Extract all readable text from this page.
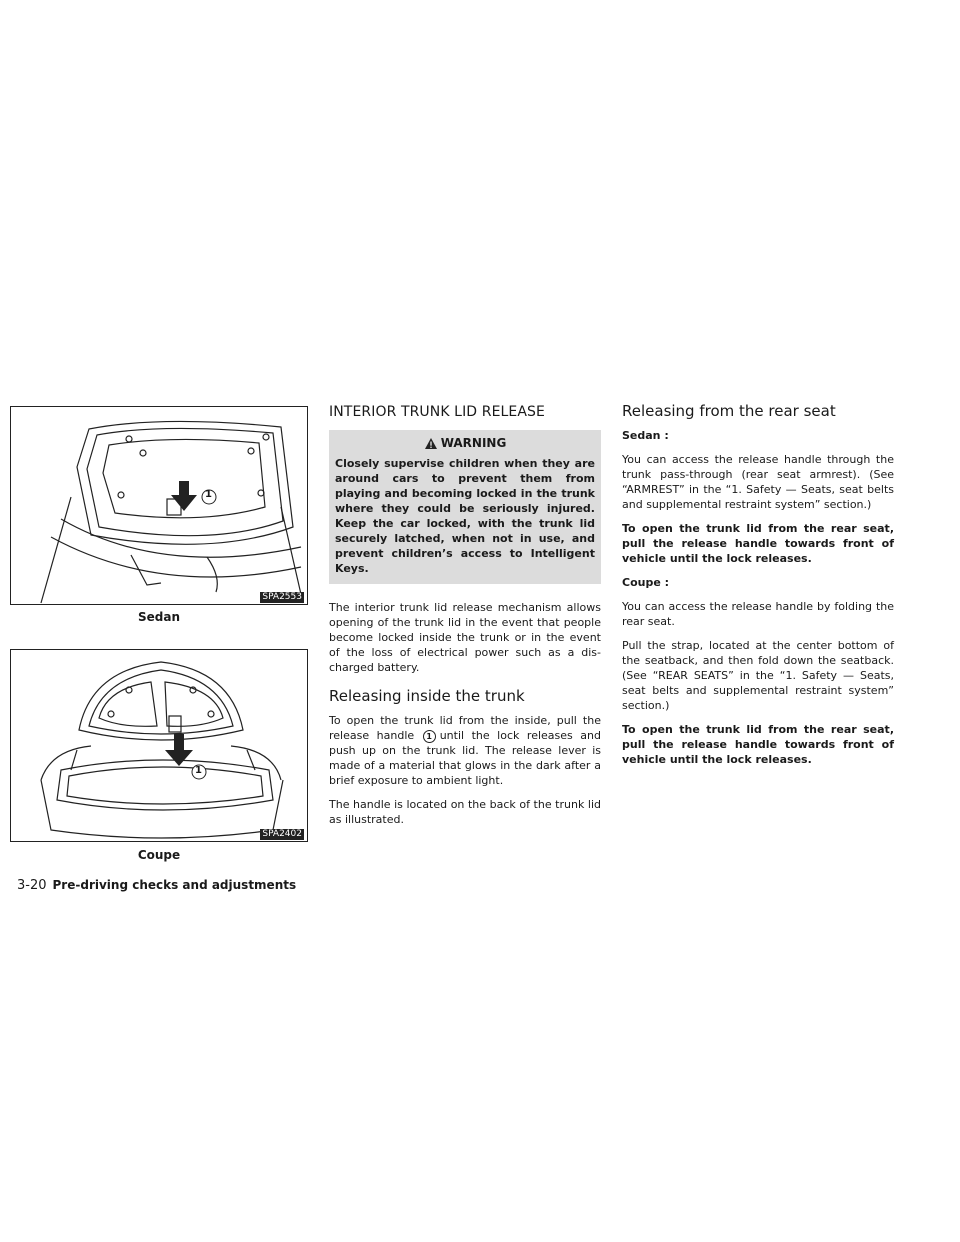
1
SPA2553
Sedan
1
SPA2402
Coupe
INTERIOR TRUNK LID RELEASE
WARNING

Closely supervise children when they are around cars to prevent them from playing and becoming locked in the trunk where they could be seriously injured. Keep the car locked, with the trunk lid securely latched, when not in use, and prevent children’s access to Intelligent Keys.

The interior trunk lid release mechanism allows opening of the trunk lid in the event that people become locked inside the trunk or in the event of the loss of electrical power such as a dis-charged battery.

Releasing inside the trunk

To open the trunk lid from the inside, pull the release handle 1 until the lock releases and push up on the trunk lid. The release lever is made of a material that glows in the dark after a brief exposure to ambient light.

The handle is located on the back of the trunk lid as illustrated.

Releasing from the rear seat

Sedan :

You can access the release handle through the trunk pass-through (rear seat armrest). (See “ARMREST” in the “1. Safety — Seats, seat belts and supplemental restraint system” section.)

To open the trunk lid from the rear seat, pull the release handle towards front of vehicle until the lock releases.

Coupe :

You can access the release handle by folding the rear seat.

Pull the strap, located at the center bottom of the seatback, and then fold down the seatback. (See “REAR SEATS” in the “1. Safety — Seats, seat belts and supplemental restraint system” section.)

To open the trunk lid from the rear seat, pull the release handle towards front of vehicle until the lock releases.

3-20 Pre-driving checks and adjustments
